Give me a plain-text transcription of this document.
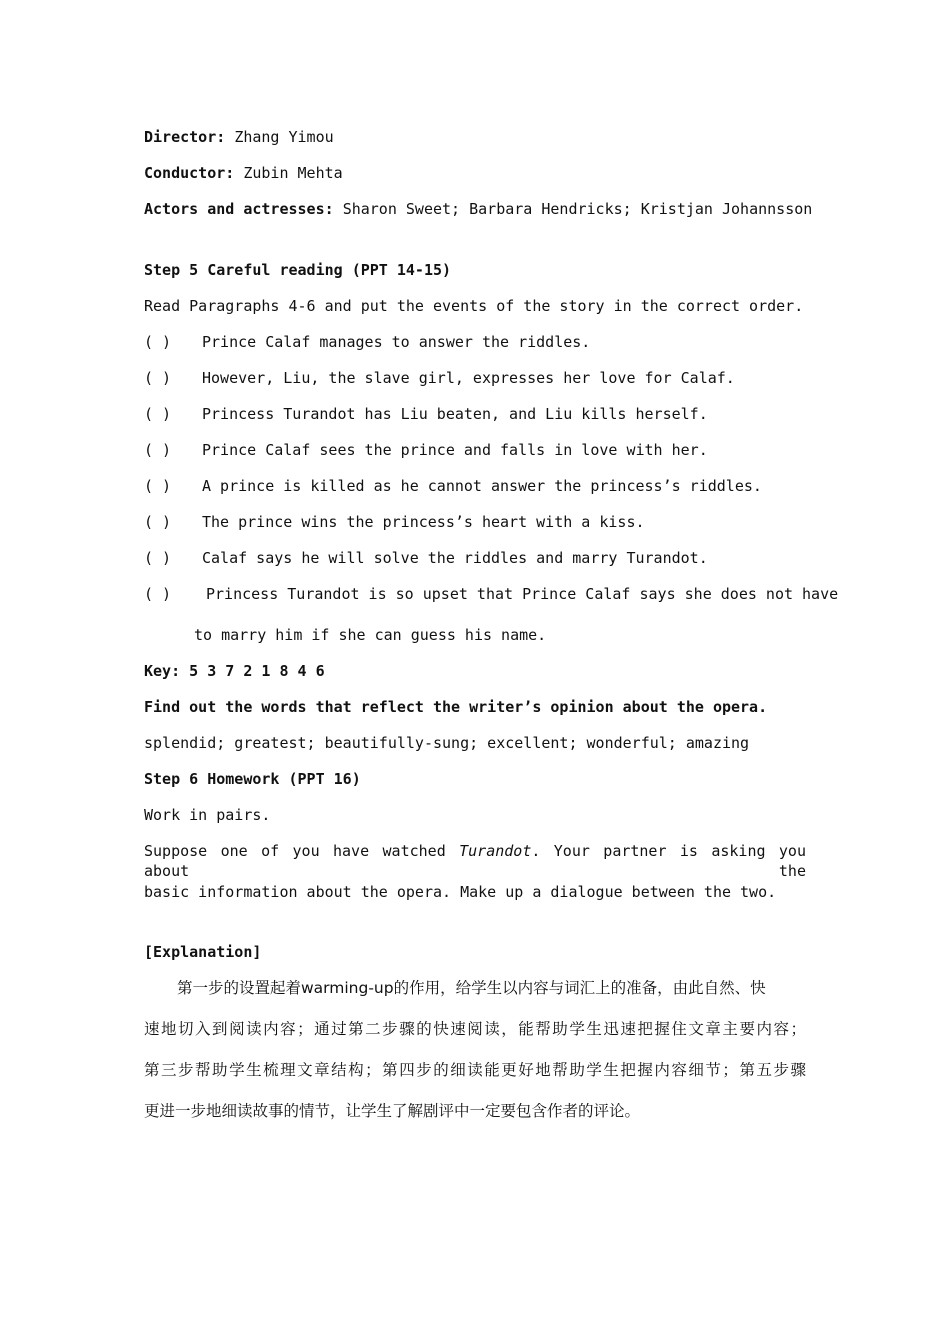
Director: Zhang Yimou
Conductor: Zubin Mehta
Actors and actresses: Sharon Sweet; Barbara Hendricks; Kristjan Johannsson
Step 5 Careful reading (PPT 14-15)
Read Paragraphs 4-6 and put the events of the story in the correct order.
( ) Prince Calaf manages to answer the riddles.
( ) However, Liu, the slave girl, expresses her love for Calaf.
( ) Princess Turandot has Liu beaten, and Liu kills herself.
( ) Prince Calaf sees the prince and falls in love with her.
( ) A prince is killed as he cannot answer the princess’s riddles.
( ) The prince wins the princess’s heart with a kiss.
( ) Calaf says he will solve the riddles and marry Turandot.
( ) Princess Turandot is so upset that Prince Calaf says she does not have
to marry him if she can guess his name.
Key: 5 3 7 2 1 8 4 6
Find out the words that reflect the writer’s opinion about the opera.
splendid; greatest; beautifully-sung; excellent; wonderful; amazing
Step 6 Homework (PPT 16)
Work in pairs.
Suppose one of you have watched Turandot. Your partner is asking you about the
basic information about the opera. Make up a dialogue between the two.
[Explanation]
第一步的设置起着warming-up的作用，给学生以内容与词汇上的准备，由此自然、快
速地切入到阅读内容；通过第二步骤的快速阅读，能帮助学生迅速把握住文章主要内容；
第三步帮助学生梳理文章结构；第四步的细读能更好地帮助学生把握内容细节；第五步骤
更进一步地细读故事的情节，让学生了解剧评中一定要包含作者的评论。
